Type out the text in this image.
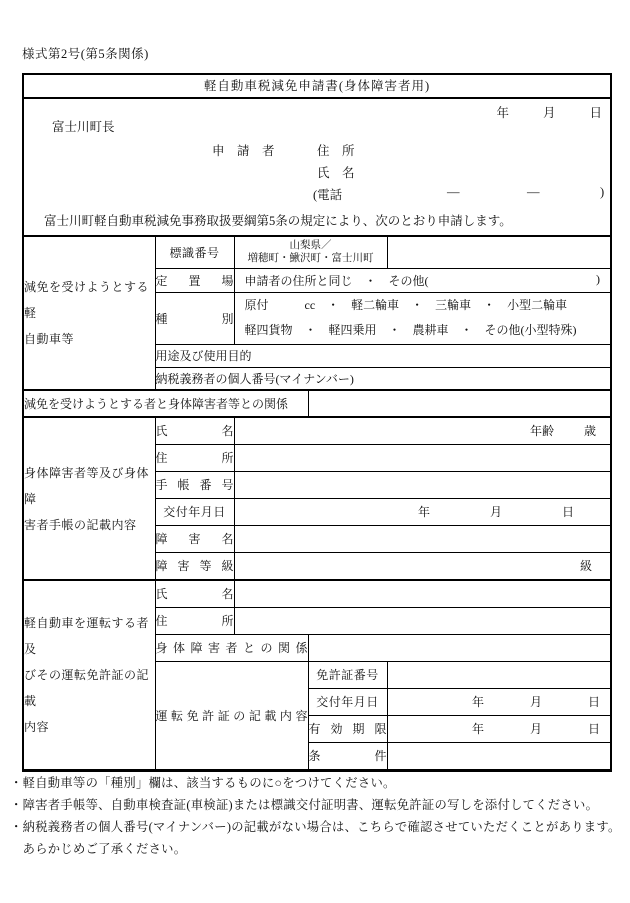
様式第2号(第5条関係)
軽自動車税減免申請書(身体障害者用)
年	月	日
富士川町長
申　請　者	住　所
氏　名
(電話	―	―	)
富士川町軽自動車税減免事務取扱要綱第5条の規定により、次のとおり申請します。
減免を受けようとする軽
自動車等
	標識番号	山梨県／
増穂町・鰍沢町・富士川町

	定 置 場	申請者の住所と同じ　・　その他( )		

	種 別	原付　　　cc　・　軽二輪車　・　三輪車　・　小型二輪車
軽四貨物　・　軽四乗用　・　農耕車　・　その他(小型特殊)		

	用途及び使用目的			
	納税義務者の個人番号(マイナンバー)			
減免を受けようとする者と身体障害者等との関係				

身体障害者等及び身体障
害者手帳の記載内容
	氏 名	年齢	歳

	住 所			
	手 帳 番 号			
	交付年月日	年 月 日		

	障 害 名			
	障 害 等 級	級		

軽自動車を運転する者及
びその運転免許証の記載
内容	氏 名			
	住 所			
	身 体 障 害 者 と の 関 係			
	運 転 免 許 証 の 記 載 内 容		免許証番号	
			交付年月日	年 月 日

			有 効 期 限	年 月 日

			条 件	
・軽自動車等の「種別」欄は、該当するものに○をつけてください。
・障害者手帳等、自動車検査証(車検証)または標識交付証明書、運転免許証の写しを添付してください。
・納税義務者の個人番号(マイナンバー)の記載がない場合は、こちらで確認させていただくことがあります。
　あらかじめご了承ください。
